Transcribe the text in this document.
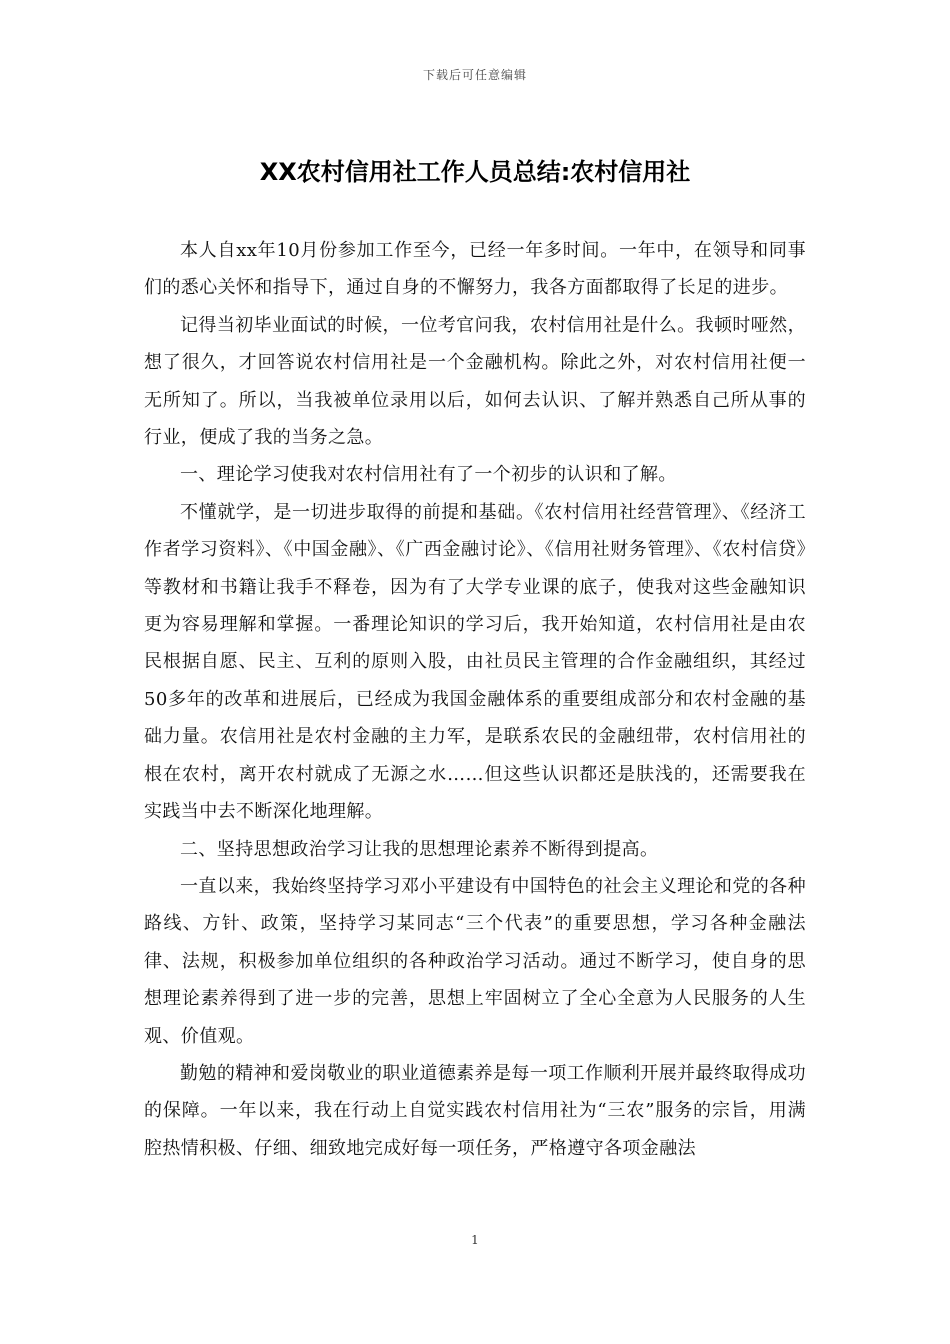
下载后可任意编辑
XX农村信用社工作人员总结:农村信用社

本人自xx年10月份参加工作至今，已经一年多时间。一年中，在领导和同事们的悉心关怀和指导下，通过自身的不懈努力，我各方面都取得了长足的进步。

记得当初毕业面试的时候，一位考官问我，农村信用社是什么。我顿时哑然，想了很久，才回答说农村信用社是一个金融机构。除此之外，对农村信用社便一无所知了。所以，当我被单位录用以后，如何去认识、了解并熟悉自己所从事的行业，便成了我的当务之急。

一、理论学习使我对农村信用社有了一个初步的认识和了解。

不懂就学，是一切进步取得的前提和基础。《农村信用社经营管理》、《经济工作者学习资料》、《中国金融》、《广西金融讨论》、《信用社财务管理》、《农村信贷》等教材和书籍让我手不释卷，因为有了大学专业课的底子，使我对这些金融知识更为容易理解和掌握。一番理论知识的学习后，我开始知道，农村信用社是由农民根据自愿、民主、互利的原则入股，由社员民主管理的合作金融组织，其经过50多年的改革和进展后，已经成为我国金融体系的重要组成部分和农村金融的基础力量。农信用社是农村金融的主力军，是联系农民的金融纽带，农村信用社的根在农村，离开农村就成了无源之水……但这些认识都还是肤浅的，还需要我在实践当中去不断深化地理解。

二、坚持思想政治学习让我的思想理论素养不断得到提高。

一直以来，我始终坚持学习邓小平建设有中国特色的社会主义理论和党的各种路线、方针、政策，坚持学习某同志“三个代表”的重要思想，学习各种金融法律、法规，积极参加单位组织的各种政治学习活动。通过不断学习，使自身的思想理论素养得到了进一步的完善，思想上牢固树立了全心全意为人民服务的人生观、价值观。

勤勉的精神和爱岗敬业的职业道德素养是每一项工作顺利开展并最终取得成功的保障。一年以来，我在行动上自觉实践农村信用社为“三农”服务的宗旨，用满腔热情积极、仔细、细致地完成好每一项任务，严格遵守各项金融法

1
